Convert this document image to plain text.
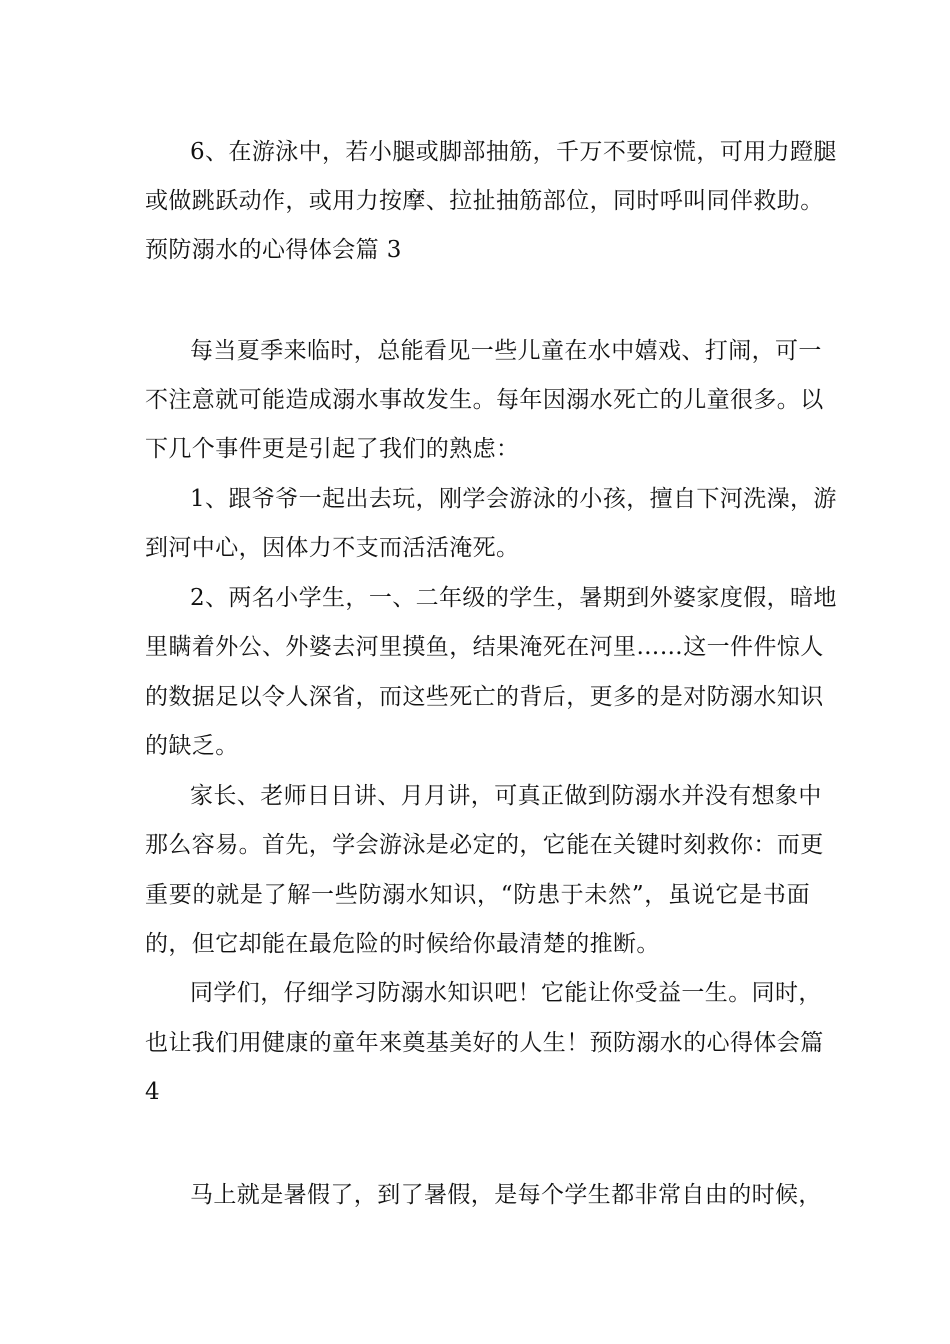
6、在游泳中，若小腿或脚部抽筋，千万不要惊慌，可用力蹬腿
或做跳跃动作，或用力按摩、拉扯抽筋部位，同时呼叫同伴救助。
预防溺水的心得体会篇 3
每当夏季来临时，总能看见一些儿童在水中嬉戏、打闹，可一
不注意就可能造成溺水事故发生。每年因溺水死亡的儿童很多。以
下几个事件更是引起了我们的熟虑：
1、跟爷爷一起出去玩，刚学会游泳的小孩，擅自下河洗澡，游
到河中心，因体力不支而活活淹死。
2、两名小学生，一、二年级的学生，暑期到外婆家度假，暗地
里瞒着外公、外婆去河里摸鱼，结果淹死在河里……这一件件惊人
的数据足以令人深省，而这些死亡的背后，更多的是对防溺水知识
的缺乏。
家长、老师日日讲、月月讲，可真正做到防溺水并没有想象中
那么容易。首先，学会游泳是必定的，它能在关键时刻救你：而更
重要的就是了解一些防溺水知识，“防患于未然”，虽说它是书面
的，但它却能在最危险的时候给你最清楚的推断。
同学们，仔细学习防溺水知识吧！它能让你受益一生。同时，
也让我们用健康的童年来奠基美好的人生！预防溺水的心得体会篇
4
马上就是暑假了，到了暑假，是每个学生都非常自由的时候，
